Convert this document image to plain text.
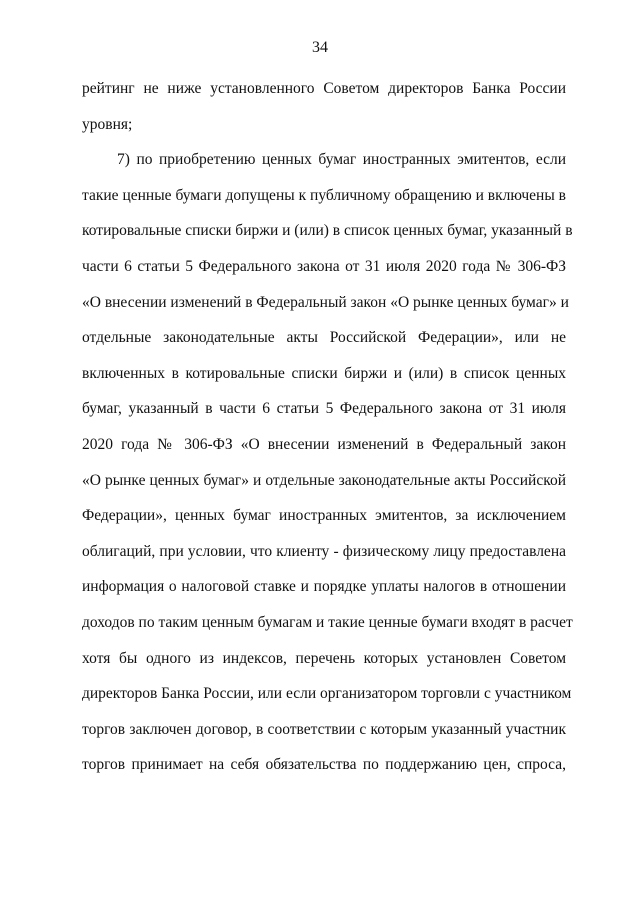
34
рейтинг не ниже установленного Советом директоров Банка России
уровня;
7) по приобретению ценных бумаг иностранных эмитентов, если
такие ценные бумаги допущены к публичному обращению и включены в
котировальные списки биржи и (или) в список ценных бумаг, указанный в
части 6 статьи 5 Федерального закона от 31 июля 2020 года № 306-ФЗ
«О внесении изменений в Федеральный закон «О рынке ценных бумаг» и
отдельные законодательные акты Российской Федерации», или не
включенных в котировальные списки биржи и (или) в список ценных
бумаг, указанный в части 6 статьи 5 Федерального закона от 31 июля
2020 года № 306-ФЗ «О внесении изменений в Федеральный закон
«О рынке ценных бумаг» и отдельные законодательные акты Российской
Федерации», ценных бумаг иностранных эмитентов, за исключением
облигаций, при условии, что клиенту - физическому лицу предоставлена
информация о налоговой ставке и порядке уплаты налогов в отношении
доходов по таким ценным бумагам и такие ценные бумаги входят в расчет
хотя бы одного из индексов, перечень которых установлен Советом
директоров Банка России, или если организатором торговли с участником
торгов заключен договор, в соответствии с которым указанный участник
торгов принимает на себя обязательства по поддержанию цен, спроса,
